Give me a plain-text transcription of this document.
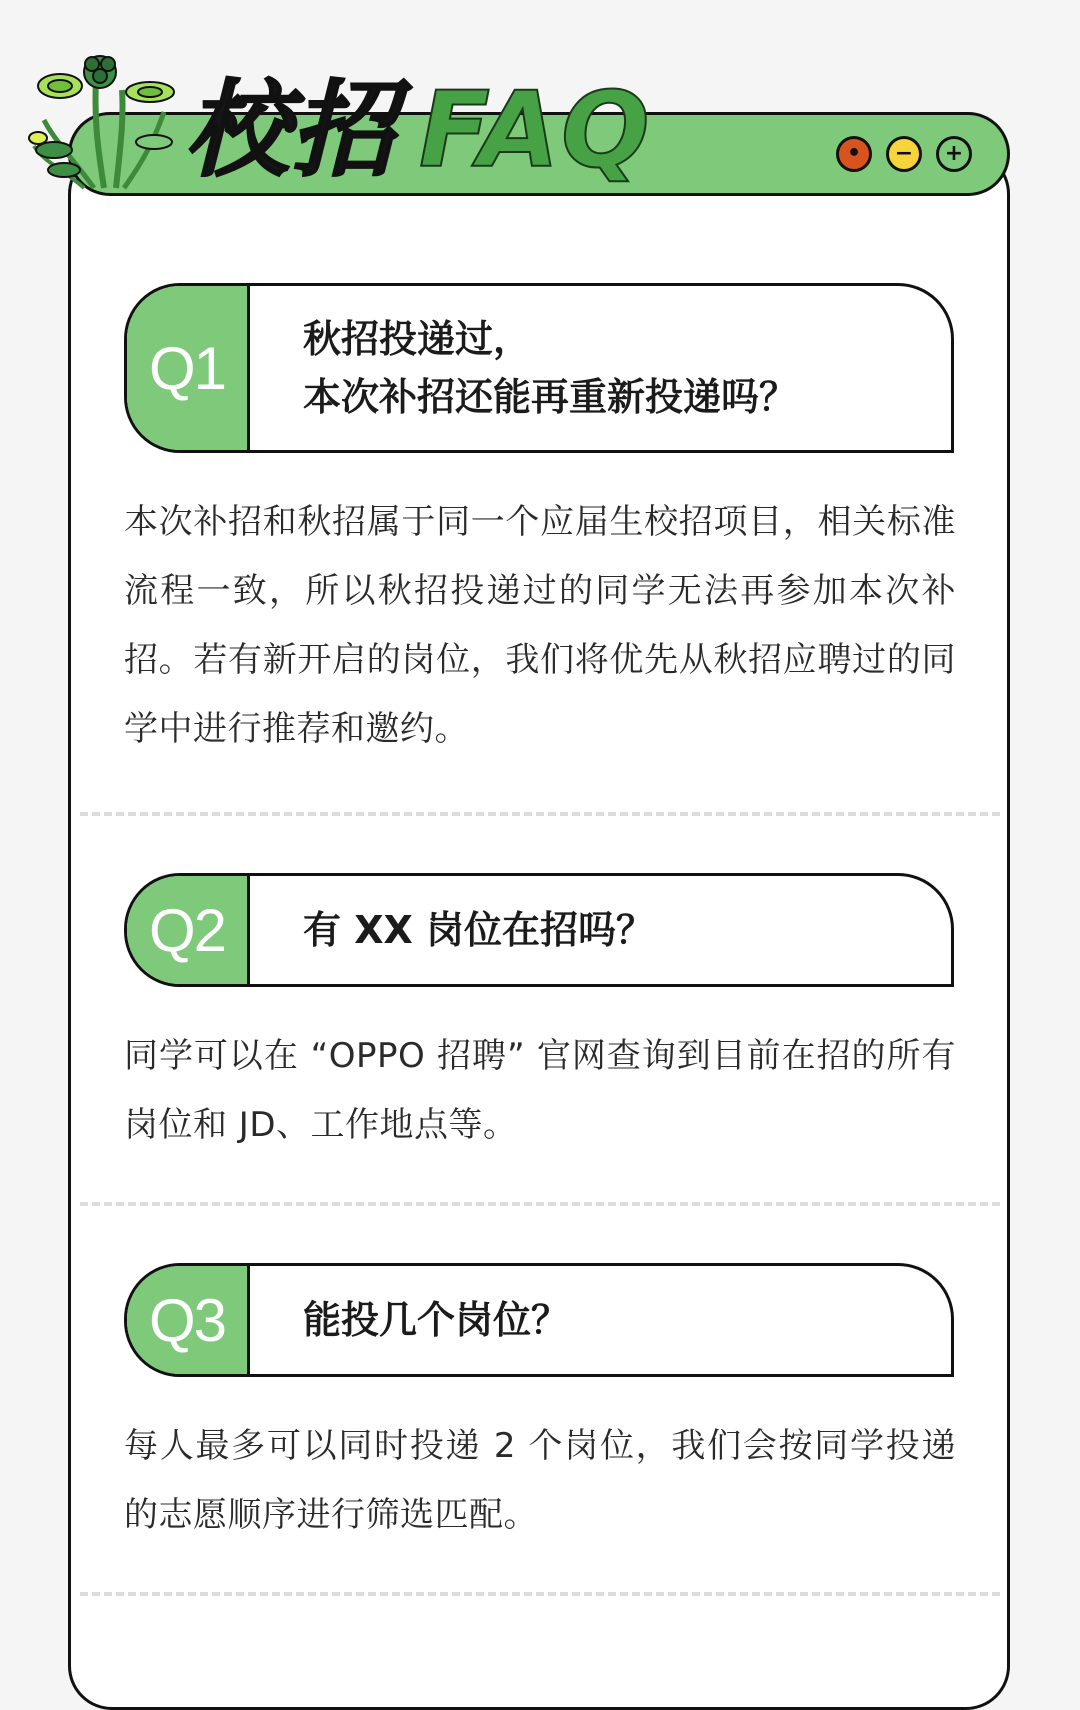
校招 FAQ	•	−	+
Q1	秋招投递过，
本次补招还能再重新投递吗？
本次补招和秋招属于同一个应届生校招项目，相关标准流程一致，所以秋招投递过的同学无法再参加本次补招。若有新开启的岗位，我们将优先从秋招应聘过的同学中进行推荐和邀约。
Q2	有 XX 岗位在招吗？
同学可以在 “OPPO 招聘” 官网查询到目前在招的所有岗位和 JD、工作地点等。
Q3	能投几个岗位？
每人最多可以同时投递 2 个岗位，我们会按同学投递的志愿顺序进行筛选匹配。
